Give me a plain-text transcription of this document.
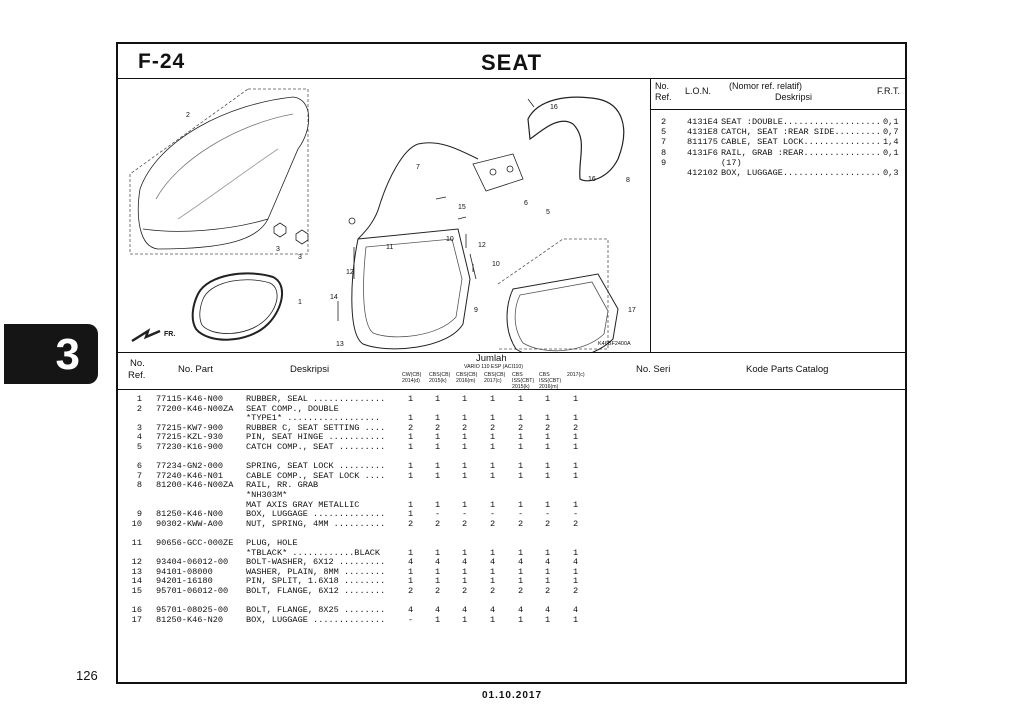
3
126
01.10.2017
SEAT
F-24
2
1
3
3
7
11
10
10
12
12
14
13
9
15
6
5
16
16	8
17
FR.
K46BF2400A
No.
Ref.
L.O.N. (Nomor ref. relatif)
Deskripsi
F.R.T.
2 4131E4 SEAT :DOUBLE................... 0,1
5 4131E8 CATCH, SEAT :REAR SIDE......... 0,7
7 811175 CABLE, SEAT LOCK............... 1,4
8 4131F6 RAIL, GRAB :REAR............... 0,1
9	(17)
412102 BOX, LUGGAGE................... 0,3
No.
Ref.
No. Part	Deskripsi
Jumlah
VARIO 110 ESP (ACI110)	No. Seri	Kode Parts Catalog
CW(CB) 2014(d)
CBS(CB) 2015(k)
CBS(CB) 2016(m)
CBS(CB) 2017(c)
CBS ISS(CBT) 2015(k)
CBS ISS(CBT) 2016(m)
2017(c)
1 77115-K46-N00	RUBBER, SEAL ..............	1	1	1	1	1	1	1
2 77200-K46-N00ZA SEAT COMP., DOUBLE
*TYPE1* ..................	1	1	1	1	1	1	1
3 77215-KW7-900	RUBBER C, SEAT SETTING ....	2	2	2	2	2	2	2
4 77215-KZL-930	PIN, SEAT HINGE ...........	1	1	1	1	1	1	1
5 77230-K16-900	CATCH COMP., SEAT .........	1	1	1	1	1	1	1
6 77234-GN2-000	SPRING, SEAT LOCK .........	1	1	1	1	1	1	1
7 77240-K46-N01	CABLE COMP., SEAT LOCK ....	1	1	1	1	1	1	1
8 81200-K46-N00ZA RAIL, RR. GRAB
*NH303M*
MAT AXIS GRAY METALLIC	1	1	1	1	1	1	1
9 81250-K46-N00	BOX, LUGGAGE ..............	1	-	-	-	-	-	-
10 90302-KWW-A00	NUT, SPRING, 4MM ..........	2	2	2	2	2	2	2
11 90656-GCC-000ZE PLUG, HOLE
*TBLACK* ............BLACK	1	1	1	1	1	1	1
12 93404-06012-00 BOLT-WASHER, 6X12 .........	4	4	4	4	4	4	4
13 94101-08000	WASHER, PLAIN, 8MM ........	1	1	1	1	1	1	1
14 94201-16180	PIN, SPLIT, 1.6X18 ........	1	1	1	1	1	1	1
15 95701-06012-00 BOLT, FLANGE, 6X12 ........	2	2	2	2	2	2	2
16 95701-08025-00 BOLT, FLANGE, 8X25 ........	4	4	4	4	4	4	4
17 81250-K46-N20	BOX, LUGGAGE ..............	-	1	1	1	1	1	1
